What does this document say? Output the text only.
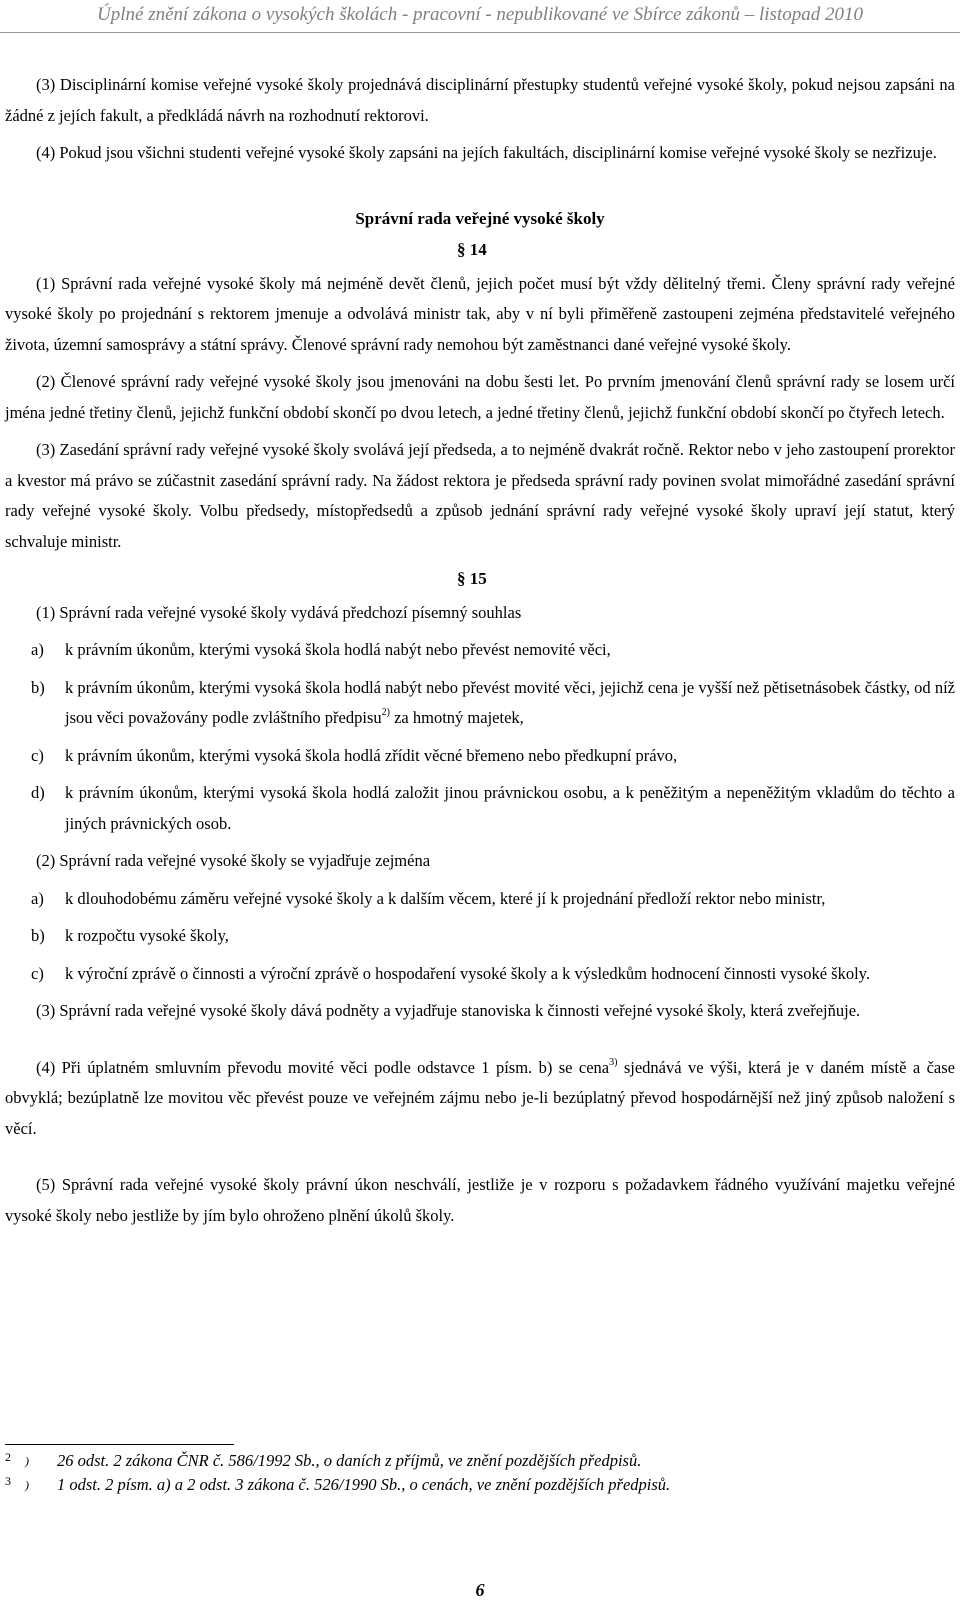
Úplné znění zákona o vysokých školách - pracovní - nepublikované ve Sbírce zákonů – listopad 2010

(3) Disciplinární komise veřejné vysoké školy projednává disciplinární přestupky studentů veřejné vysoké školy, pokud nejsou zapsáni na žádné z jejích fakult, a předkládá návrh na rozhodnutí rektorovi.

(4) Pokud jsou všichni studenti veřejné vysoké školy zapsáni na jejích fakultách, disciplinární komise veřejné vysoké školy se nezřizuje.

Správní rada veřejné vysoké školy
§ 14

(1) Správní rada veřejné vysoké školy má nejméně devět členů, jejich počet musí být vždy dělitelný třemi. Členy správní rady veřejné vysoké školy po projednání s rektorem jmenuje a odvolává ministr tak, aby v ní byli přiměřeně zastoupeni zejména představitelé veřejného života, územní samosprávy a státní správy. Členové správní rady nemohou být zaměstnanci dané veřejné vysoké školy.

(2) Členové správní rady veřejné vysoké školy jsou jmenováni na dobu šesti let. Po prvním jmenování členů správní rady se losem určí jména jedné třetiny členů, jejichž funkční období skončí po dvou letech, a jedné třetiny členů, jejichž funkční období skončí po čtyřech letech.

(3) Zasedání správní rady veřejné vysoké školy svolává její předseda, a to nejméně dvakrát ročně. Rektor nebo v jeho zastoupení prorektor a kvestor má právo se zúčastnit zasedání správní rady. Na žádost rektora je předseda správní rady povinen svolat mimořádné zasedání správní rady veřejné vysoké školy. Volbu předsedy, místopředsedů a způsob jednání správní rady veřejné vysoké školy upraví její statut, který schvaluje ministr.

§ 15

(1) Správní rada veřejné vysoké školy vydává předchozí písemný souhlas

a)	k právním úkonům, kterými vysoká škola hodlá nabýt nebo převést nemovité věci,
b)	k právním úkonům, kterými vysoká škola hodlá nabýt nebo převést movité věci, jejichž cena je vyšší než pětisetnásobek částky, od níž jsou věci považovány podle zvláštního předpisu$^{2)}$ za hmotný majetek,
c)	k právním úkonům, kterými vysoká škola hodlá zřídit věcné břemeno nebo předkupní právo,
d)	k právním úkonům, kterými vysoká škola hodlá založit jinou právnickou osobu, a k peněžitým a nepeněžitým vkladům do těchto a jiných právnických osob.

(2) Správní rada veřejné vysoké školy se vyjadřuje zejména

a)	k dlouhodobému záměru veřejné vysoké školy a k dalším věcem, které jí k projednání předloží rektor nebo ministr,
b)	k rozpočtu vysoké školy,
c)	k výroční zprávě o činnosti a výroční zprávě o hospodaření vysoké školy a k výsledkům hodnocení činnosti vysoké školy.

(3) Správní rada veřejné vysoké školy dává podněty a vyjadřuje stanoviska k činnosti veřejné vysoké školy, která zveřejňuje.

(4) Při úplatném smluvním převodu movité věci podle odstavce 1 písm. b) se cena$^{3)}$ sjednává ve výši, která je v daném místě a čase obvyklá; bezúplatně lze movitou věc převést pouze ve veřejném zájmu nebo je-li bezúplatný převod hospodárnější než jiný způsob naložení s věcí.

(5) Správní rada veřejné vysoké školy právní úkon neschválí, jestliže je v rozporu s požadavkem řádného využívání majetku veřejné vysoké školy nebo jestliže by jím bylo ohroženo plnění úkolů školy.

2	)	26 odst. 2 zákona ČNR č. 586/1992 Sb., o daních z příjmů, ve znění pozdějších předpisů.
3	)	1 odst. 2 písm. a) a 2 odst. 3 zákona č. 526/1990 Sb., o cenách, ve znění pozdějších předpisů.
6
